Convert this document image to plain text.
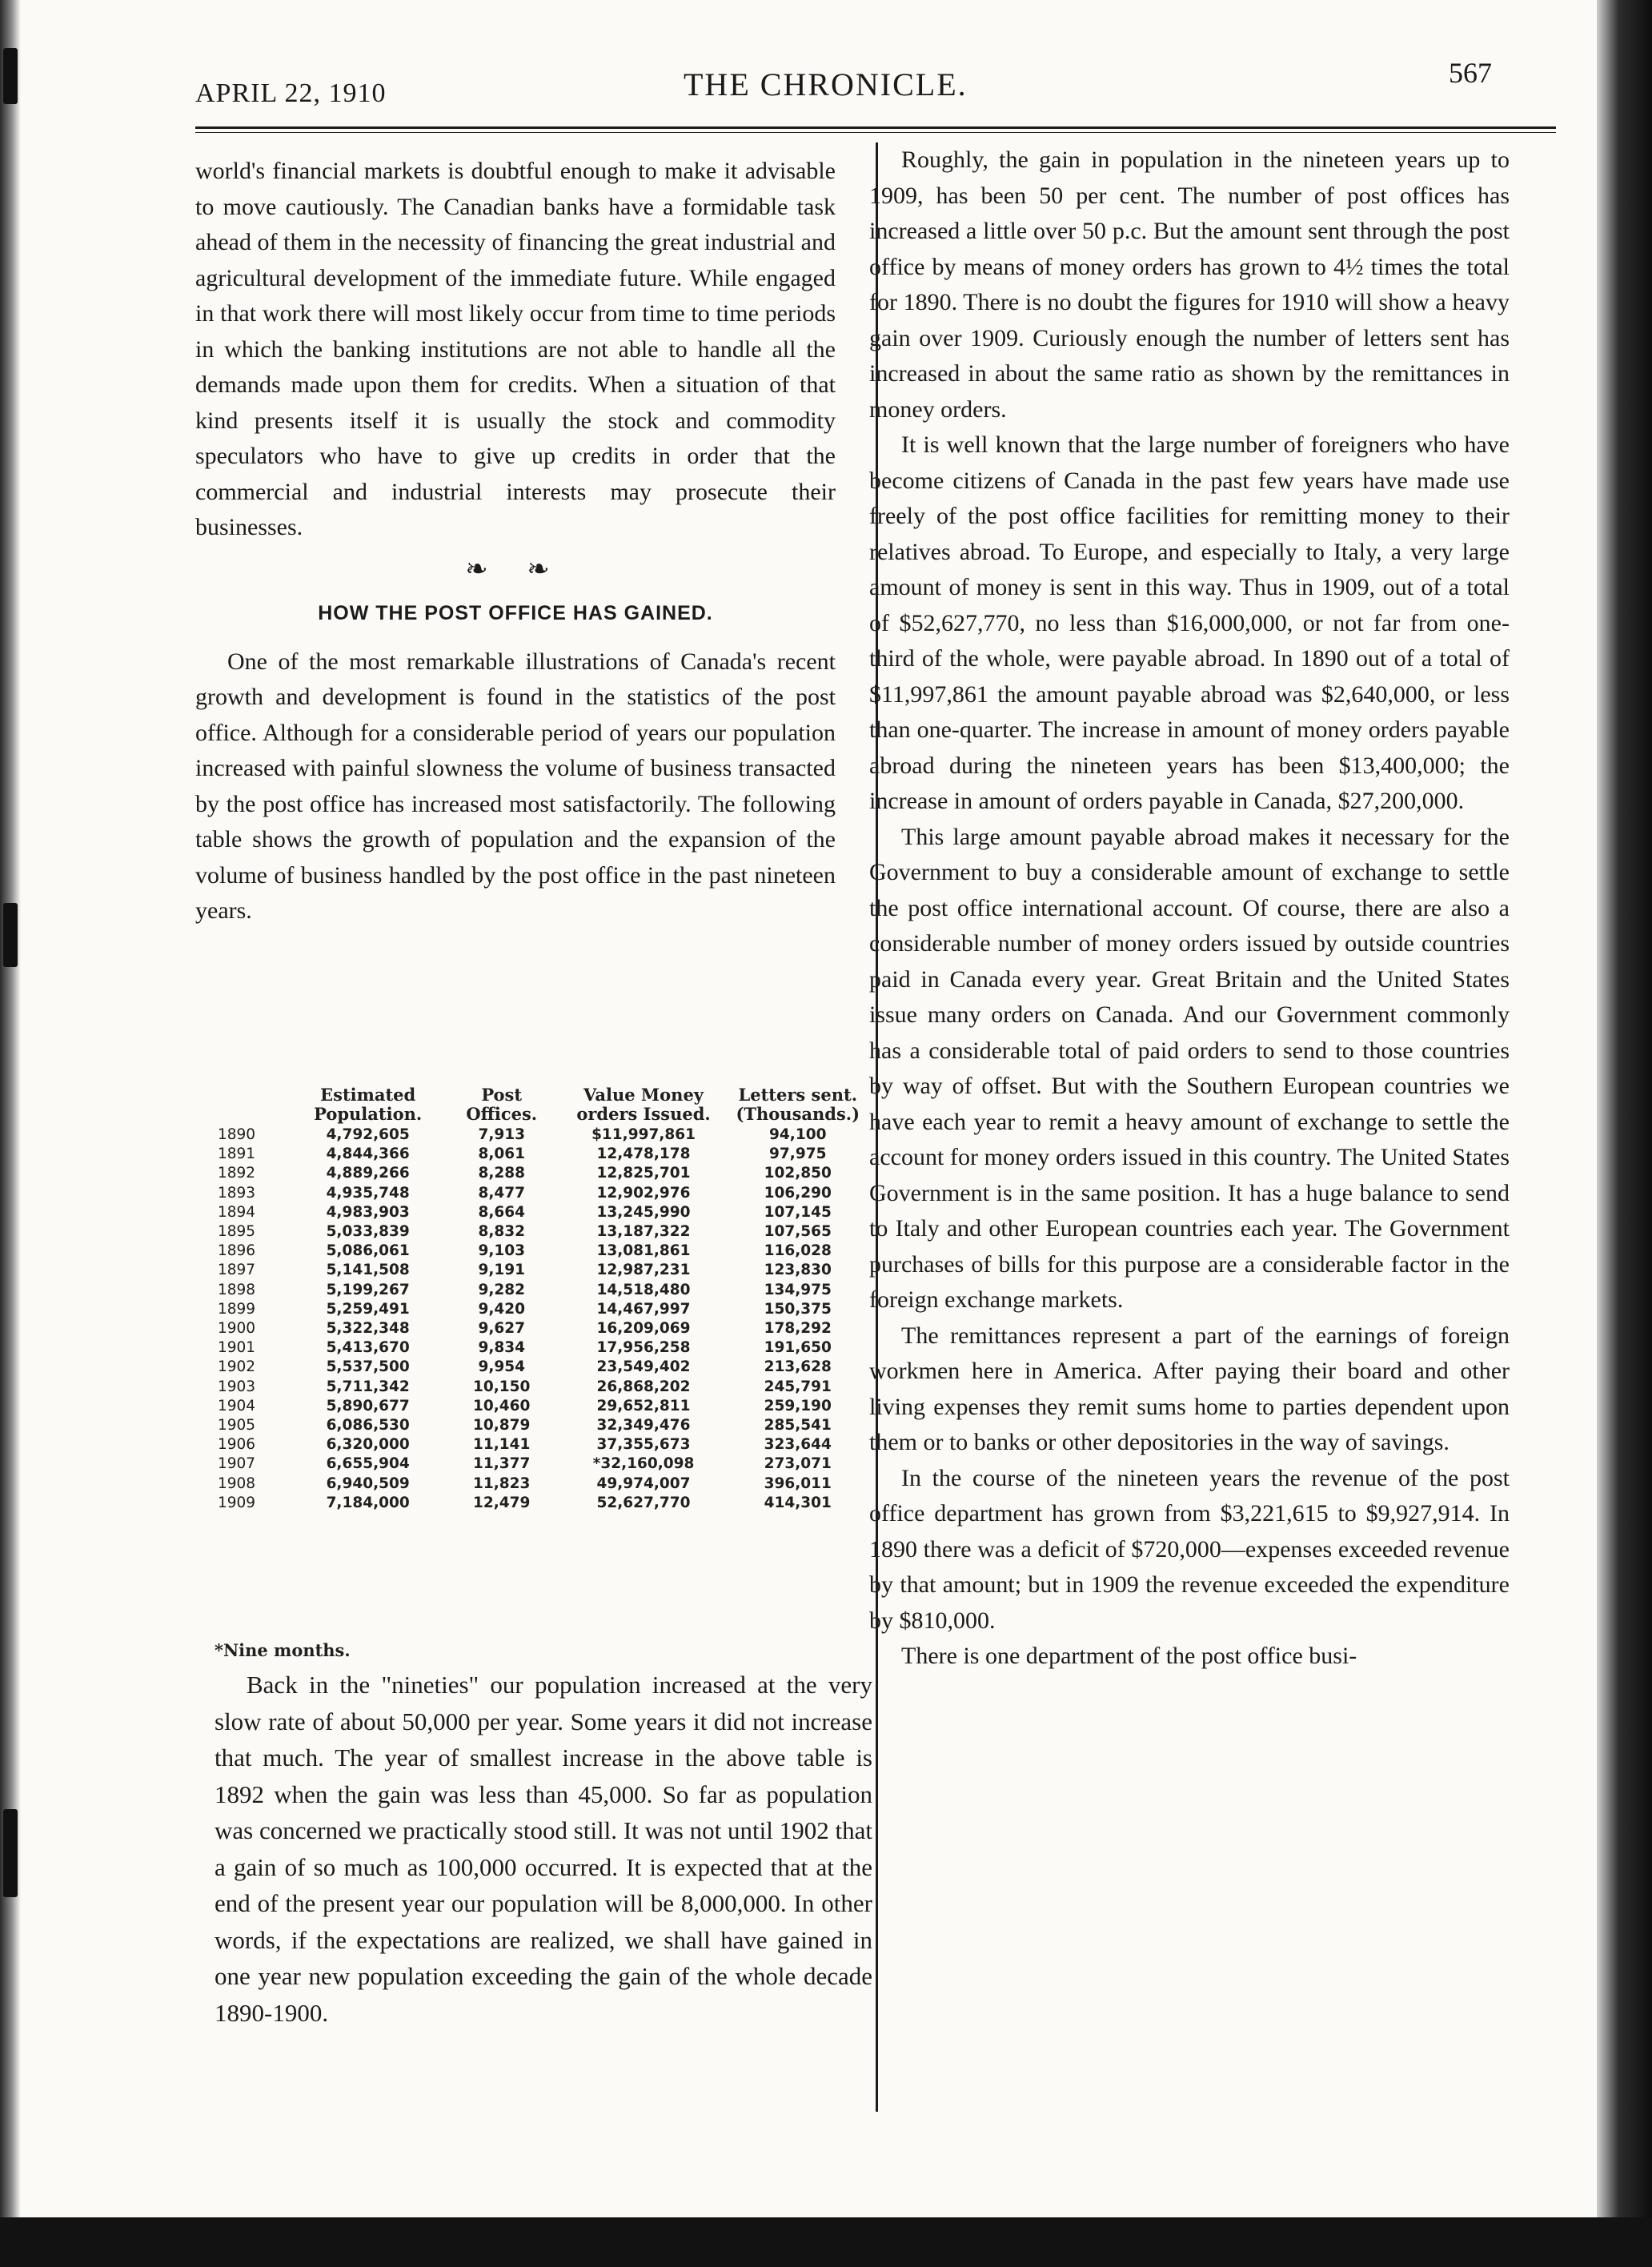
APRIL 22, 1910	THE CHRONICLE.	567

world's financial markets is doubtful enough to make it advisable to move cautiously. The Canadian banks have a formidable task ahead of them in the necessity of financing the great industrial and agricultural development of the immediate future. While engaged in that work there will most likely occur from time to time periods in which the banking institutions are not able to handle all the demands made upon them for credits. When a situation of that kind presents itself it is usually the stock and commodity speculators who have to give up credits in order that the commercial and industrial interests may prosecute their businesses.

❧ ❧
HOW THE POST OFFICE HAS GAINED.

One of the most remarkable illustrations of Canada's recent growth and development is found in the statistics of the post office. Although for a considerable period of years our population increased with painful slowness the volume of business transacted by the post office has increased most satisfactorily. The following table shows the growth of population and the expansion of the volume of business handled by the post office in the past nineteen years.

	Estimated Population.	Post Offices.	Value Money orders Issued.	Letters sent. (Thousands.)
1890	4,792,605	7,913	$11,997,861	94,100
1891	4,844,366	8,061	12,478,178	97,975
1892	4,889,266	8,288	12,825,701	102,850
1893	4,935,748	8,477	12,902,976	106,290
1894	4,983,903	8,664	13,245,990	107,145
1895	5,033,839	8,832	13,187,322	107,565
1896	5,086,061	9,103	13,081,861	116,028
1897	5,141,508	9,191	12,987,231	123,830
1898	5,199,267	9,282	14,518,480	134,975
1899	5,259,491	9,420	14,467,997	150,375
1900	5,322,348	9,627	16,209,069	178,292
1901	5,413,670	9,834	17,956,258	191,650
1902	5,537,500	9,954	23,549,402	213,628
1903	5,711,342	10,150	26,868,202	245,791
1904	5,890,677	10,460	29,652,811	259,190
1905	6,086,530	10,879	32,349,476	285,541
1906	6,320,000	11,141	37,355,673	323,644
1907	6,655,904	11,377	*32,160,098	273,071
1908	6,940,509	11,823	49,974,007	396,011
1909	7,184,000	12,479	52,627,770	414,301
*Nine months.

Back in the "nineties" our population increased at the very slow rate of about 50,000 per year. Some years it did not increase that much. The year of smallest increase in the above table is 1892 when the gain was less than 45,000. So far as population was concerned we practically stood still. It was not until 1902 that a gain of so much as 100,000 occurred. It is expected that at the end of the present year our population will be 8,000,000. In other words, if the expectations are realized, we shall have gained in one year new population exceeding the gain of the whole decade 1890-1900.

Roughly, the gain in population in the nineteen years up to 1909, has been 50 per cent. The number of post offices has increased a little over 50 p.c. But the amount sent through the post office by means of money orders has grown to 4½ times the total for 1890. There is no doubt the figures for 1910 will show a heavy gain over 1909. Curiously enough the number of letters sent has increased in about the same ratio as shown by the remittances in money orders.

It is well known that the large number of foreigners who have become citizens of Canada in the past few years have made use freely of the post office facilities for remitting money to their relatives abroad. To Europe, and especially to Italy, a very large amount of money is sent in this way. Thus in 1909, out of a total of $52,627,770, no less than $16,000,000, or not far from one-third of the whole, were payable abroad. In 1890 out of a total of $11,997,861 the amount payable abroad was $2,640,000, or less than one-quarter. The increase in amount of money orders payable abroad during the nineteen years has been $13,400,000; the increase in amount of orders payable in Canada, $27,200,000.

This large amount payable abroad makes it necessary for the Government to buy a considerable amount of exchange to settle the post office international account. Of course, there are also a considerable number of money orders issued by outside countries paid in Canada every year. Great Britain and the United States issue many orders on Canada. And our Government commonly has a considerable total of paid orders to send to those countries by way of offset. But with the Southern European countries we have each year to remit a heavy amount of exchange to settle the account for money orders issued in this country. The United States Government is in the same position. It has a huge balance to send to Italy and other European countries each year. The Government purchases of bills for this purpose are a considerable factor in the foreign exchange markets.

The remittances represent a part of the earnings of foreign workmen here in America. After paying their board and other living expenses they remit sums home to parties dependent upon them or to banks or other depositories in the way of savings.

In the course of the nineteen years the revenue of the post office department has grown from $3,221,615 to $9,927,914. In 1890 there was a deficit of $720,000—expenses exceeded revenue by that amount; but in 1909 the revenue exceeded the expenditure by $810,000.

There is one department of the post office busi-
